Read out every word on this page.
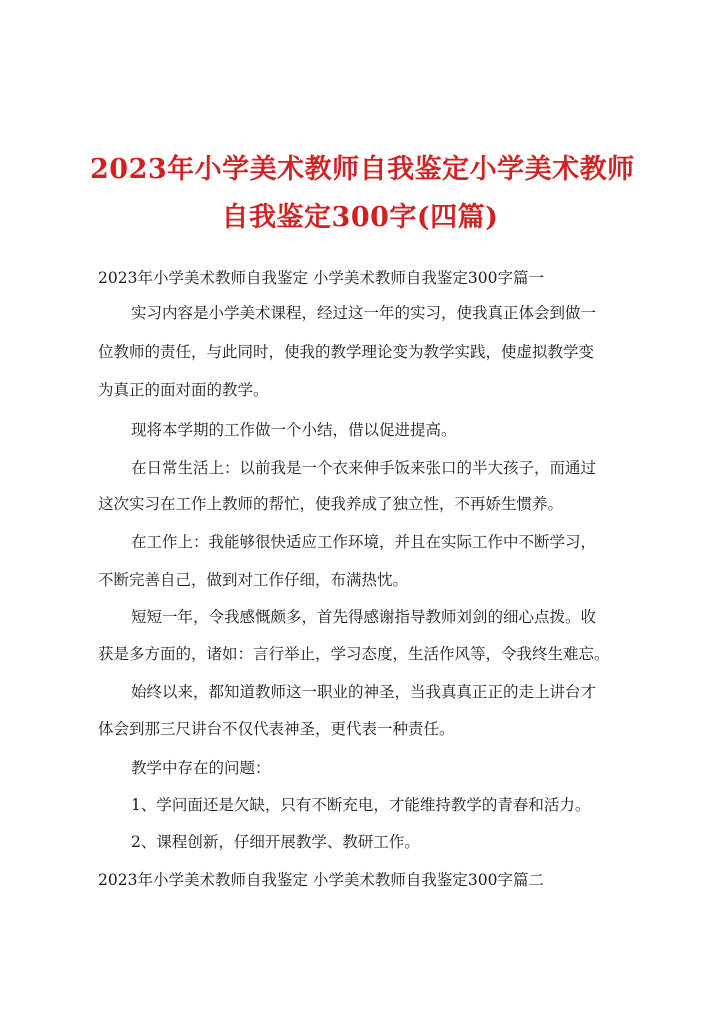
2023年小学美术教师自我鉴定小学美术教师
自我鉴定300字(四篇)

2023年小学美术教师自我鉴定 小学美术教师自我鉴定300字篇一

实习内容是小学美术课程，经过这一年的实习，使我真正体会到做一

位教师的责任，与此同时，使我的教学理论变为教学实践，使虚拟教学变

为真正的面对面的教学。

现将本学期的工作做一个小结，借以促进提高。

在日常生活上：以前我是一个衣来伸手饭来张口的半大孩子，而通过

这次实习在工作上教师的帮忙，使我养成了独立性，不再娇生惯养。

在工作上：我能够很快适应工作环境，并且在实际工作中不断学习，

不断完善自己，做到对工作仔细，布满热忱。

短短一年，令我感慨颇多，首先得感谢指导教师刘剑的细心点拨。收

获是多方面的，诸如：言行举止，学习态度，生活作风等，令我终生难忘。

始终以来，都知道教师这一职业的神圣，当我真真正正的走上讲台才

体会到那三尺讲台不仅代表神圣，更代表一种责任。

教学中存在的问题：

1、学问面还是欠缺，只有不断充电，才能维持教学的青春和活力。

2、课程创新，仔细开展教学、教研工作。

2023年小学美术教师自我鉴定 小学美术教师自我鉴定300字篇二
